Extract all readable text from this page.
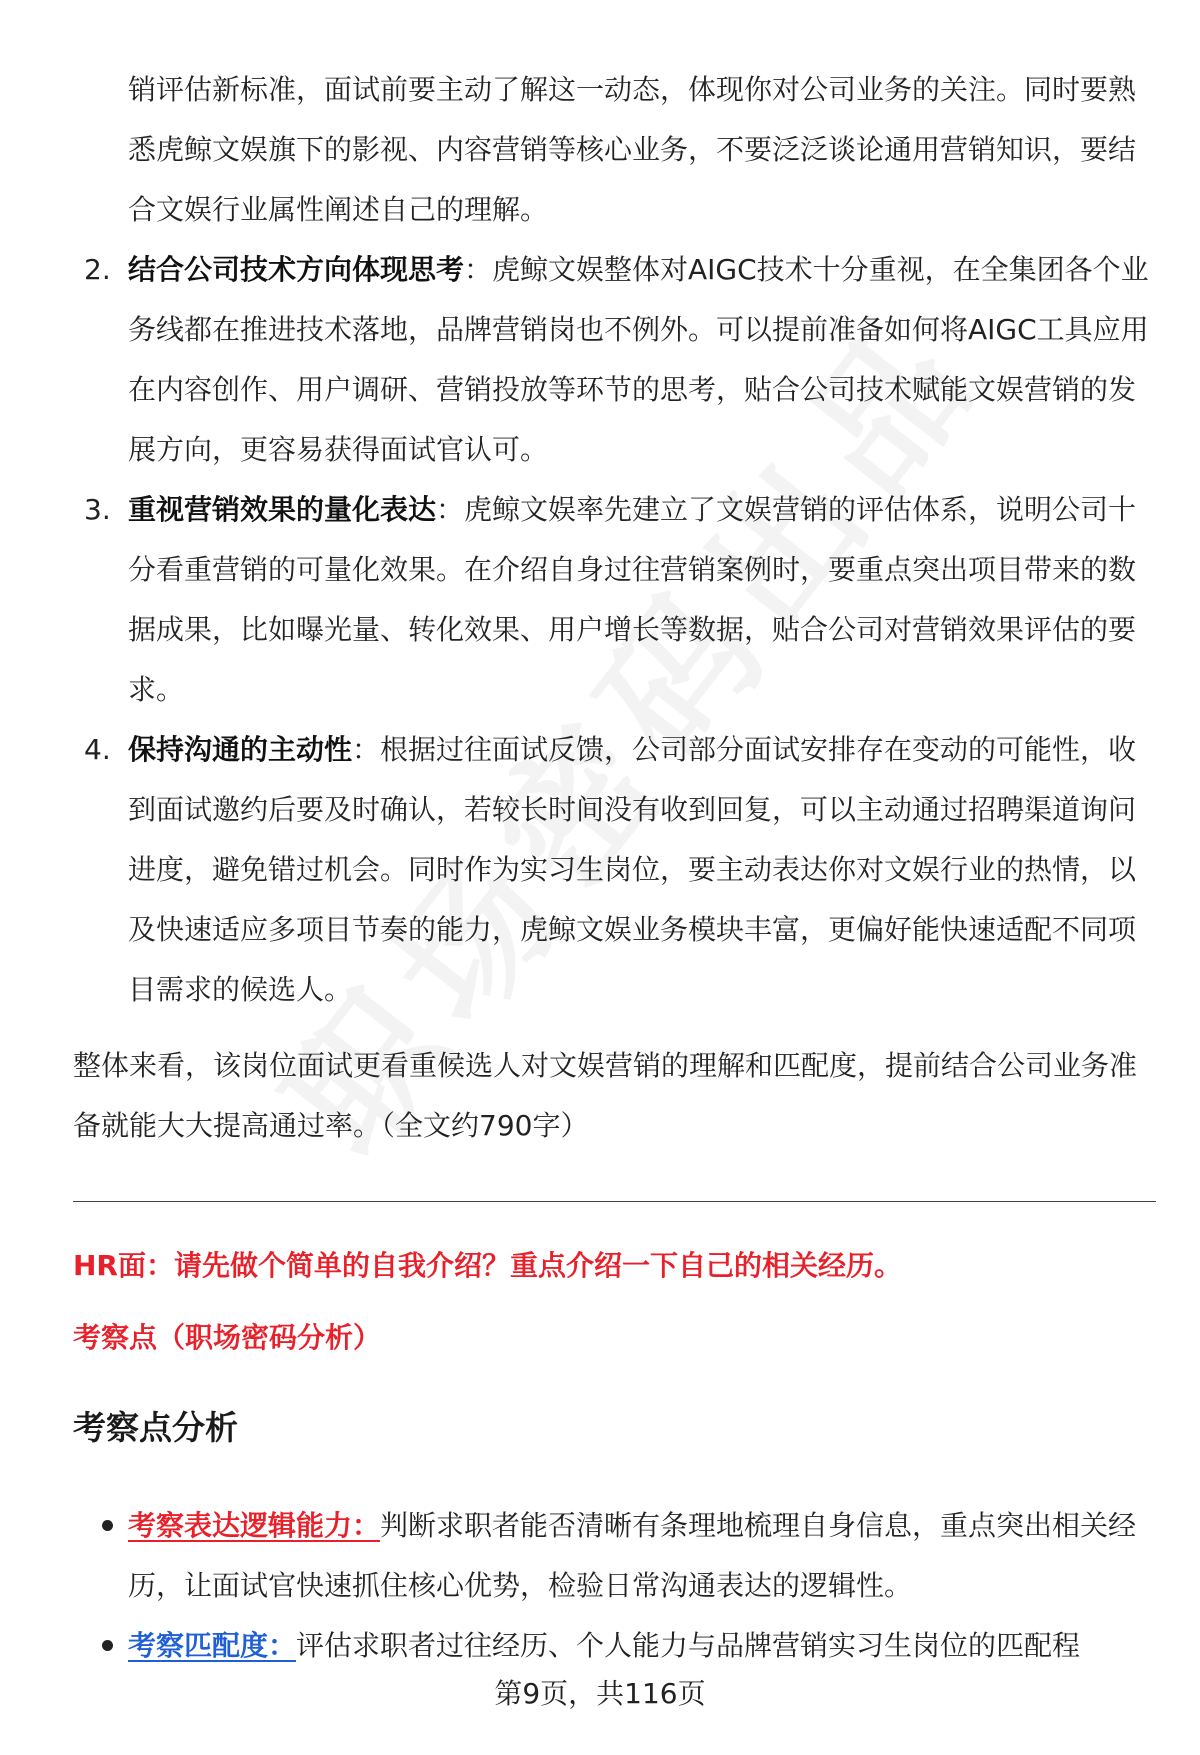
销评估新标准，面试前要主动了解这一动态，体现你对公司业务的关注。同时要熟悉虎鲸文娱旗下的影视、内容营销等核心业务，不要泛泛谈论通用营销知识，要结合文娱行业属性阐述自己的理解。

2. 结合公司技术方向体现思考：虎鲸文娱整体对AIGC技术十分重视，在全集团各个业务线都在推进技术落地，品牌营销岗也不例外。可以提前准备如何将AIGC工具应用在内容创作、用户调研、营销投放等环节的思考，贴合公司技术赋能文娱营销的发展方向，更容易获得面试官认可。
3. 重视营销效果的量化表达：虎鲸文娱率先建立了文娱营销的评估体系，说明公司十分看重营销的可量化效果。在介绍自身过往营销案例时，要重点突出项目带来的数据成果，比如曝光量、转化效果、用户增长等数据，贴合公司对营销效果评估的要求。
4. 保持沟通的主动性：根据过往面试反馈，公司部分面试安排存在变动的可能性，收到面试邀约后要及时确认，若较长时间没有收到回复，可以主动通过招聘渠道询问进度，避免错过机会。同时作为实习生岗位，要主动表达你对文娱行业的热情，以及快速适应多项目节奏的能力，虎鲸文娱业务模块丰富，更偏好能快速适配不同项目需求的候选人。

整体来看，该岗位面试更看重候选人对文娱营销的理解和匹配度，提前结合公司业务准备就能大大提高通过率。（全文约790字）

HR面：请先做个简单的自我介绍？重点介绍一下自己的相关经历。

考察点（职场密码分析）

考察点分析
考察表达逻辑能力：判断求职者能否清晰有条理地梳理自身信息，重点突出相关经历，让面试官快速抓住核心优势，检验日常沟通表达的逻辑性。
考察匹配度：评估求职者过往经历、个人能力与品牌营销实习生岗位的匹配程
第9页，共116页
